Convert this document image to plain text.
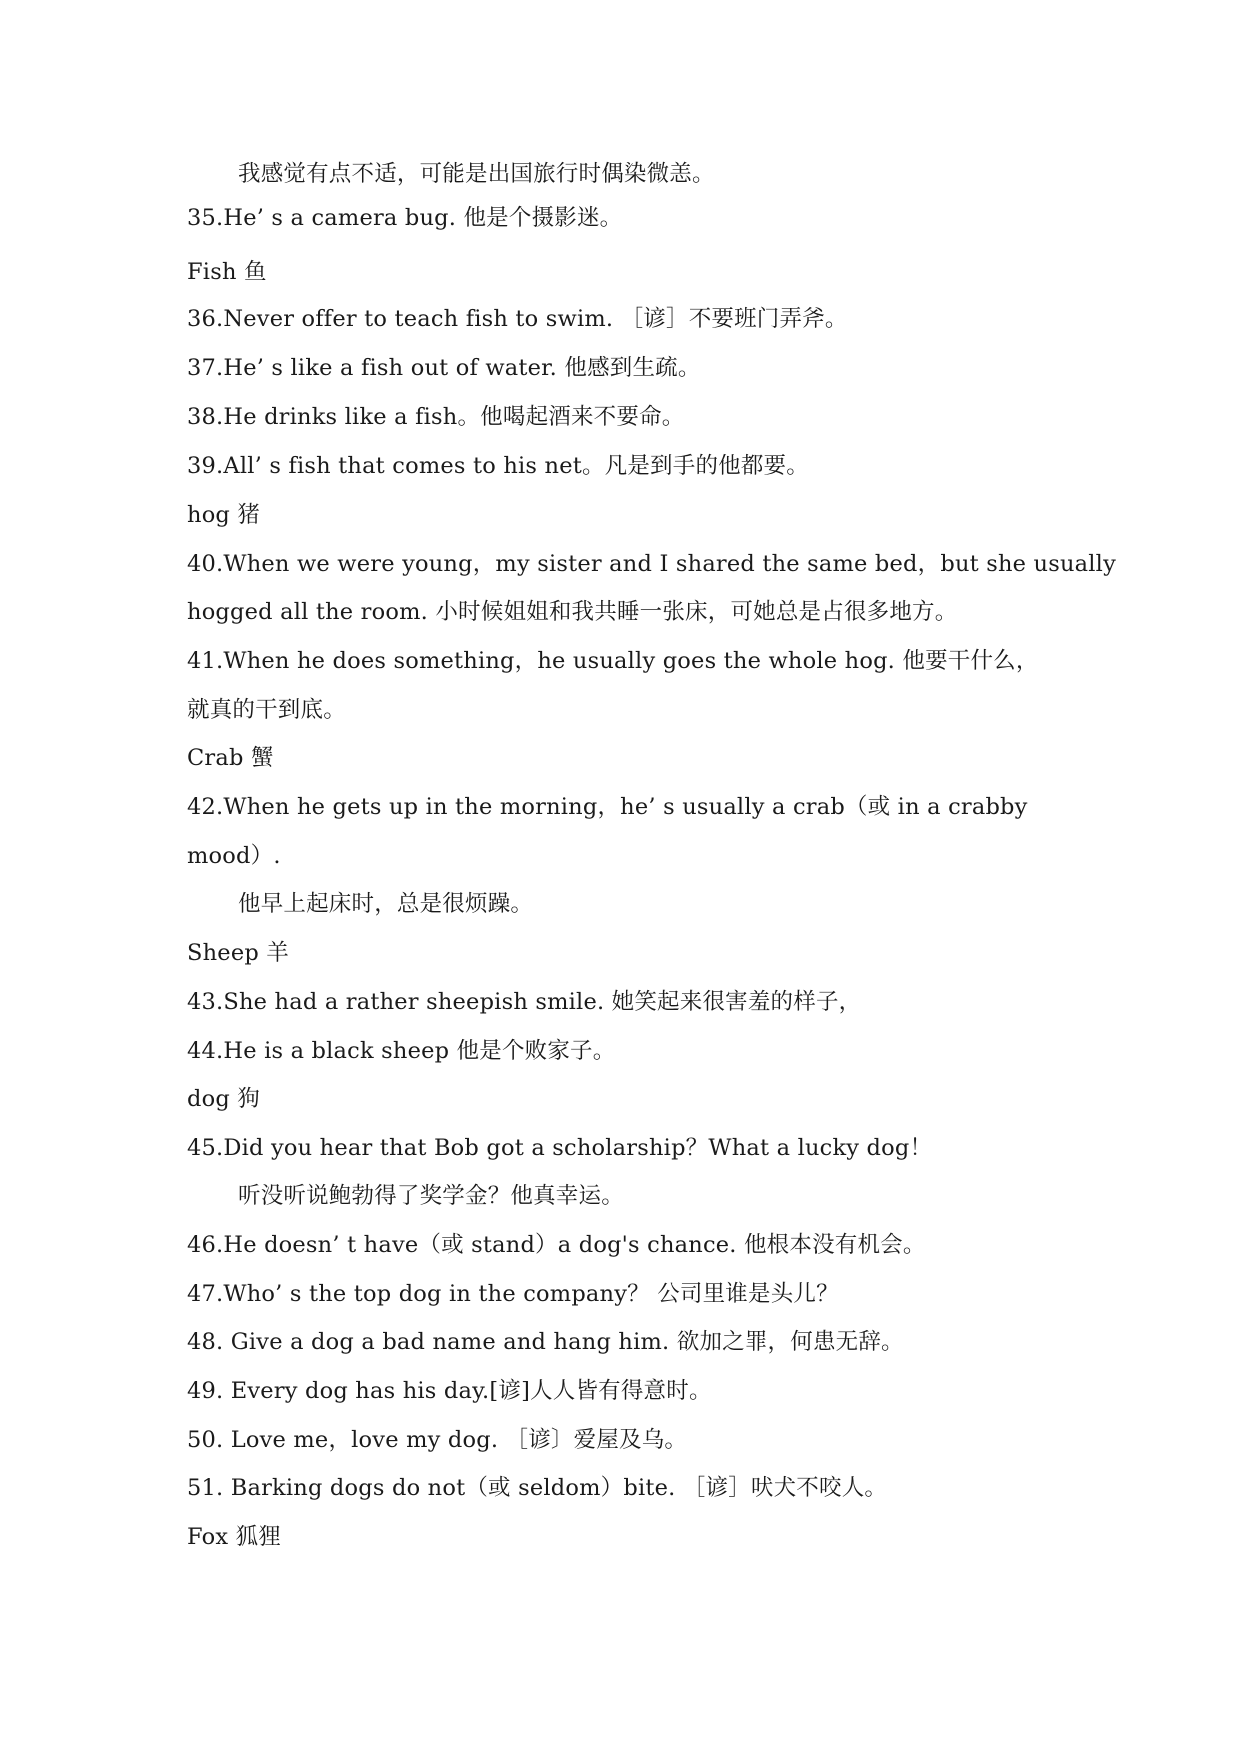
我感觉有点不适，可能是出国旅行时偶染微恙。
35.He’ s a camera bug. 他是个摄影迷。
Fish 鱼
36.Never offer to teach fish to swim. ［谚］不要班门弄斧。
37.He’ s like a fish out of water. 他感到生疏。
38.He drinks like a fish。他喝起酒来不要命。
39.All’ s fish that comes to his net。凡是到手的他都要。
hog 猪
40.When we were young，my sister and I shared the same bed，but she usually
hogged all the room. 小时候姐姐和我共睡一张床，可她总是占很多地方。
41.When he does something，he usually goes the whole hog. 他要干什么，
就真的干到底。
Crab 蟹
42.When he gets up in the morning，he’ s usually a crab（或 in a crabby
mood）.
他早上起床时，总是很烦躁。
Sheep 羊
43.She had a rather sheepish smile. 她笑起来很害羞的样子，
44.He is a black sheep 他是个败家子。
dog 狗
45.Did you hear that Bob got a scholarship？What a lucky dog！
听没听说鲍勃得了奖学金？他真幸运。
46.He doesn’ t have（或 stand）a dog's chance. 他根本没有机会。
47.Who’ s the top dog in the company？ 公司里谁是头儿？
48. Give a dog a bad name and hang him. 欲加之罪，何患无辞。
49. Every dog has his day.[谚]人人皆有得意时。
50. Love me，love my dog. ［谚〕爱屋及乌。
51. Barking dogs do not（或 seldom）bite. ［谚］吠犬不咬人。
Fox 狐狸
